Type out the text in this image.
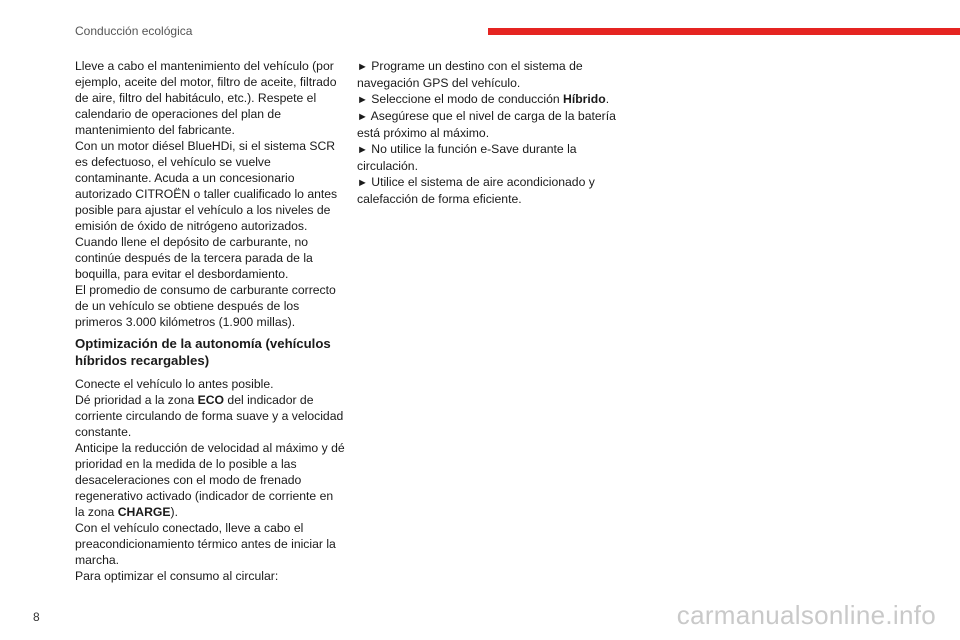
Conducción ecológica

Lleve a cabo el mantenimiento del vehículo (por ejemplo, aceite del motor, filtro de aceite, filtrado de aire, filtro del habitáculo, etc.). Respete el calendario de operaciones del plan de mantenimiento del fabricante.

Con un motor diésel BlueHDi, si el sistema SCR es defectuoso, el vehículo se vuelve contaminante. Acuda a un concesionario autorizado CITROËN o taller cualificado lo antes posible para ajustar el vehículo a los niveles de emisión de óxido de nitrógeno autorizados.

Cuando llene el depósito de carburante, no continúe después de la tercera parada de la boquilla, para evitar el desbordamiento.

El promedio de consumo de carburante correcto de un vehículo se obtiene después de los primeros 3.000 kilómetros (1.900 millas).

Optimización de la autonomía (vehículos híbridos recargables)

Conecte el vehículo lo antes posible.

Dé prioridad a la zona ECO del indicador de corriente circulando de forma suave y a velocidad constante.

Anticipe la reducción de velocidad al máximo y dé prioridad en la medida de lo posible a las desaceleraciones con el modo de frenado regenerativo activado (indicador de corriente en la zona CHARGE).

Con el vehículo conectado, lleve a cabo el preacondicionamiento térmico antes de iniciar la marcha.

Para optimizar el consumo al circular:

► Programe un destino con el sistema de navegación GPS del vehículo.

► Seleccione el modo de conducción Híbrido.

► Asegúrese que el nivel de carga de la batería está próximo al máximo.

► No utilice la función e-Save durante la circulación.

► Utilice el sistema de aire acondicionado y calefacción de forma eficiente.

8	carmanualsonline.info
